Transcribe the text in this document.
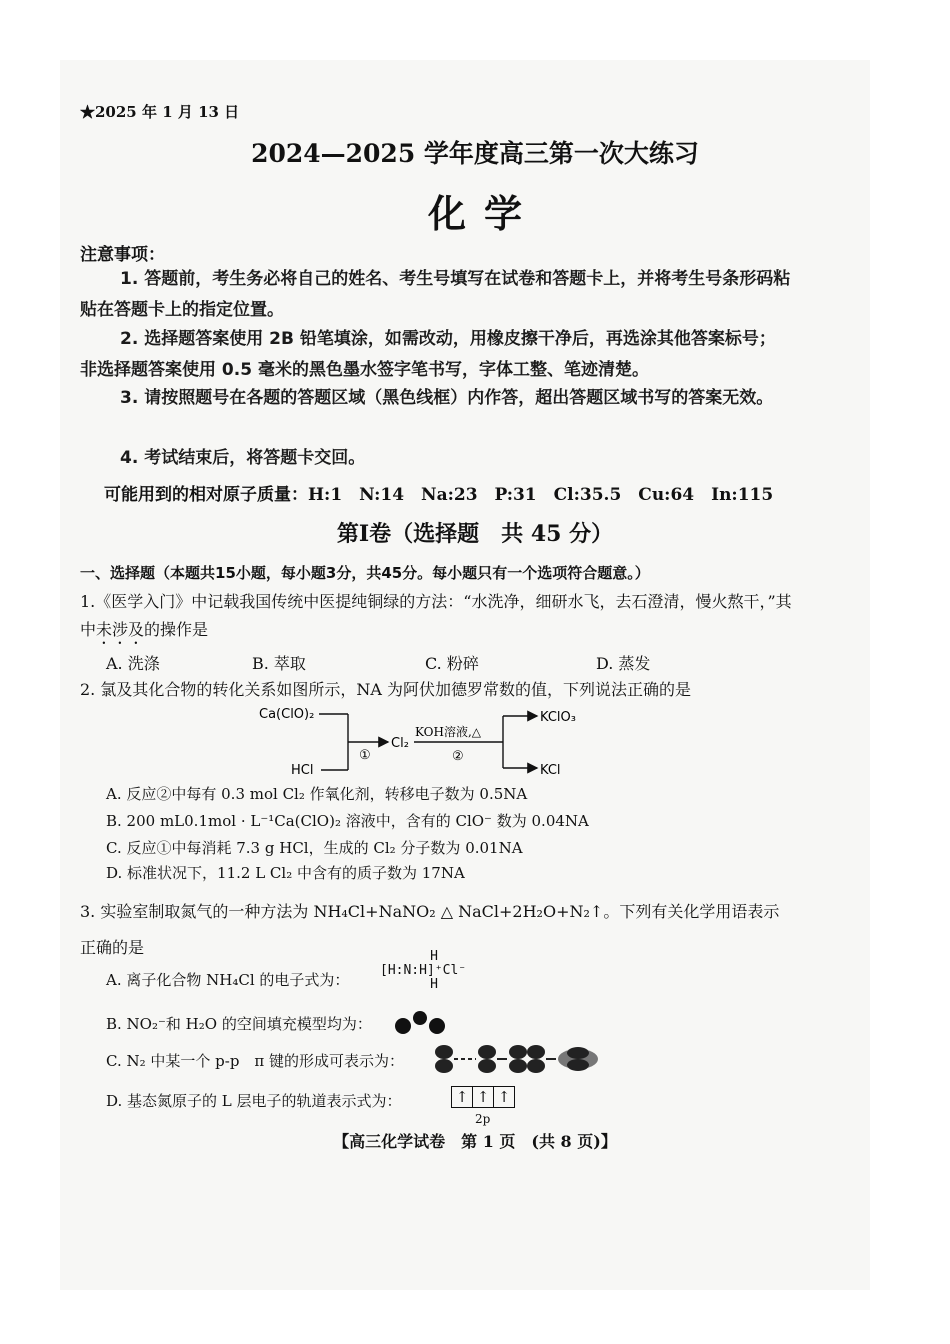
★2025 年 1 月 13 日
2024—2025 学年度高三第一次大练习
化学
注意事项：
1. 答题前，考生务必将自己的姓名、考生号填写在试卷和答题卡上，并将考生号条形码粘贴在答题卡上的指定位置。
2. 选择题答案使用 2B 铅笔填涂，如需改动，用橡皮擦干净后，再选涂其他答案标号；非选择题答案使用 0.5 毫米的黑色墨水签字笔书写，字体工整、笔迹清楚。
3. 请按照题号在各题的答题区域（黑色线框）内作答，超出答题区域书写的答案无效。
4. 考试结束后，将答题卡交回。
可能用到的相对原子质量：H:1　N:14　Na:23　P:31　Cl:35.5　Cu:64　In:115
第Ⅰ卷（选择题　共 45 分）
一、选择题（本题共15小题，每小题3分，共45分。每小题只有一个选项符合题意。）
1.《医学入门》中记载我国传统中医提纯铜绿的方法：“水洗净，细研水飞，去石澄清，慢火熬干，”其中未涉及的操作是
A. 洗涤	B. 萃取	C. 粉碎	D. 蒸发
2. 氯及其化合物的转化关系如图所示，NA 为阿伏加德罗常数的值，下列说法正确的是
Ca(ClO)₂
HCl
①
Cl₂
KOH溶液,△
②
KClO₃
KCl
A. 反应②中每有 0.3 mol Cl₂ 作氧化剂，转移电子数为 0.5NA
B. 200 mL0.1mol · L⁻¹Ca(ClO)₂ 溶液中，含有的 ClO⁻ 数为 0.04NA
C. 反应①中每消耗 7.3 g HCl，生成的 Cl₂ 分子数为 0.01NA
D. 标准状况下，11.2 L Cl₂ 中含有的质子数为 17NA
3. 实验室制取氮气的一种方法为 NH₄Cl+NaNO₂ △ NaCl+2H₂O+N₂↑。下列有关化学用语表示
正确的是
A. 离子化合物 NH₄Cl 的电子式为：
H
[H:N:H]⁺Cl⁻
H
B. NO₂⁻和 H₂O 的空间填充模型均为：
C. N₂ 中某一个 p-p　π 键的形成可表示为：
D. 基态氮原子的 L 层电子的轨道表示式为：	↑ ↑ ↑
2p
【高三化学试卷　第 1 页　(共 8 页)】
